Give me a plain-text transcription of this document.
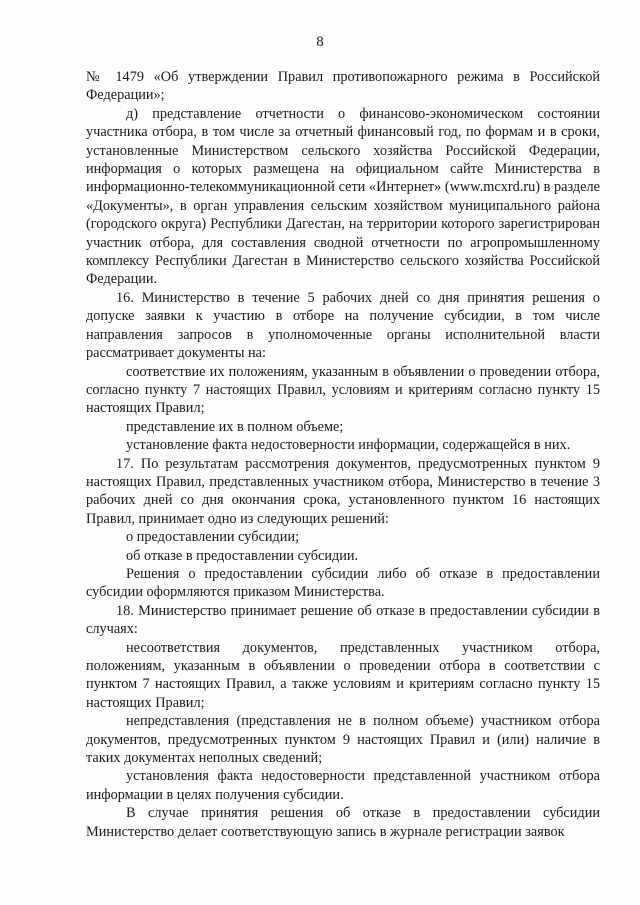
8

№ 1479 «Об утверждении Правил противопожарного режима в Российской Федерации»;

д) представление отчетности о финансово-экономическом состоянии участника отбора, в том числе за отчетный финансовый год, по формам и в сроки, установленные Министерством сельского хозяйства Российской Федерации, информация о которых размещена на официальном сайте Министерства в информационно-телекоммуникационной сети «Интернет» (www.mcxrd.ru) в разделе «Документы», в орган управления сельским хозяйством муниципального района (городского округа) Республики Дагестан, на территории которого зарегистрирован участник отбора, для составления сводной отчетности по агропромышленному комплексу Республики Дагестан в Министерство сельского хозяйства Российской Федерации.

16. Министерство в течение 5 рабочих дней со дня принятия решения о допуске заявки к участию в отборе на получение субсидии, в том числе направления запросов в уполномоченные органы исполнительной власти рассматривает документы на:

соответствие их положениям, указанным в объявлении о проведении отбора, согласно пункту 7 настоящих Правил, условиям и критериям согласно пункту 15 настоящих Правил;

представление их в полном объеме;

установление факта недостоверности информации, содержащейся в них.

17. По результатам рассмотрения документов, предусмотренных пунктом 9 настоящих Правил, представленных участником отбора, Министерство в течение 3 рабочих дней со дня окончания срока, установленного пунктом 16 настоящих Правил, принимает одно из следующих решений:

о предоставлении субсидии;

об отказе в предоставлении субсидии.

Решения о предоставлении субсидии либо об отказе в предоставлении субсидии оформляются приказом Министерства.

18. Министерство принимает решение об отказе в предоставлении субсидии в случаях:

несоответствия документов, представленных участником отбора, положениям, указанным в объявлении о проведении отбора в соответствии с пунктом 7 настоящих Правил, а также условиям и критериям согласно пункту 15 настоящих Правил;

непредставления (представления не в полном объеме) участником отбора документов, предусмотренных пунктом 9 настоящих Правил и (или) наличие в таких документах неполных сведений;

установления факта недостоверности представленной участником отбора информации в целях получения субсидии.

В случае принятия решения об отказе в предоставлении субсидии Министерство делает соответствующую запись в журнале регистрации заявок
